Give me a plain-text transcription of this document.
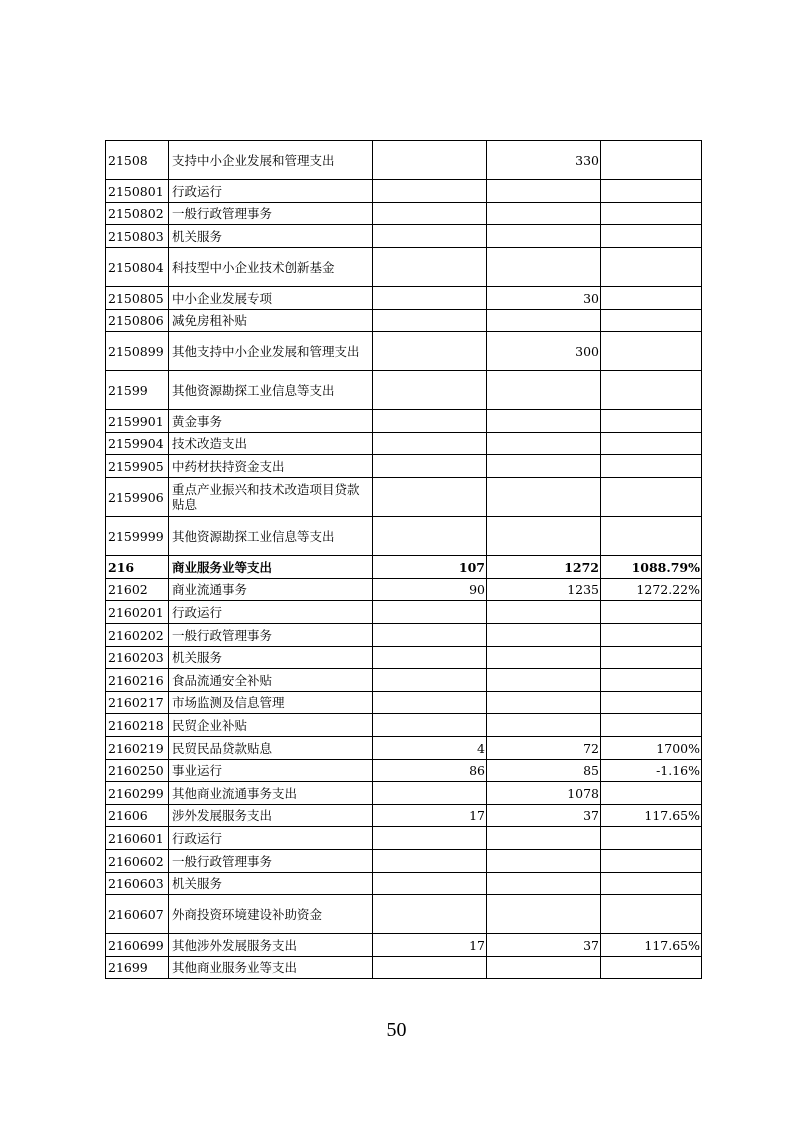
21508	支持中小企业发展和管理支出		330	
2150801	行政运行			
2150802	一般行政管理事务			
2150803	机关服务			
2150804	科技型中小企业技术创新基金			
2150805	中小企业发展专项		30	
2150806	减免房租补贴			
2150899	其他支持中小企业发展和管理支出		300	
21599	其他资源勘探工业信息等支出			
2159901	黄金事务			
2159904	技术改造支出			
2159905	中药材扶持资金支出			
2159906	重点产业振兴和技术改造项目贷款贴息			
2159999	其他资源勘探工业信息等支出			
216	商业服务业等支出	107	1272	1088.79%
21602	商业流通事务	90	1235	1272.22%
2160201	行政运行			
2160202	一般行政管理事务			
2160203	机关服务			
2160216	食品流通安全补贴			
2160217	市场监测及信息管理			
2160218	民贸企业补贴			
2160219	民贸民品贷款贴息	4	72	1700%
2160250	事业运行	86	85	-1.16%
2160299	其他商业流通事务支出		1078	
21606	涉外发展服务支出	17	37	117.65%
2160601	行政运行			
2160602	一般行政管理事务			
2160603	机关服务			
2160607	外商投资环境建设补助资金			
2160699	其他涉外发展服务支出	17	37	117.65%
21699	其他商业服务业等支出			
50
